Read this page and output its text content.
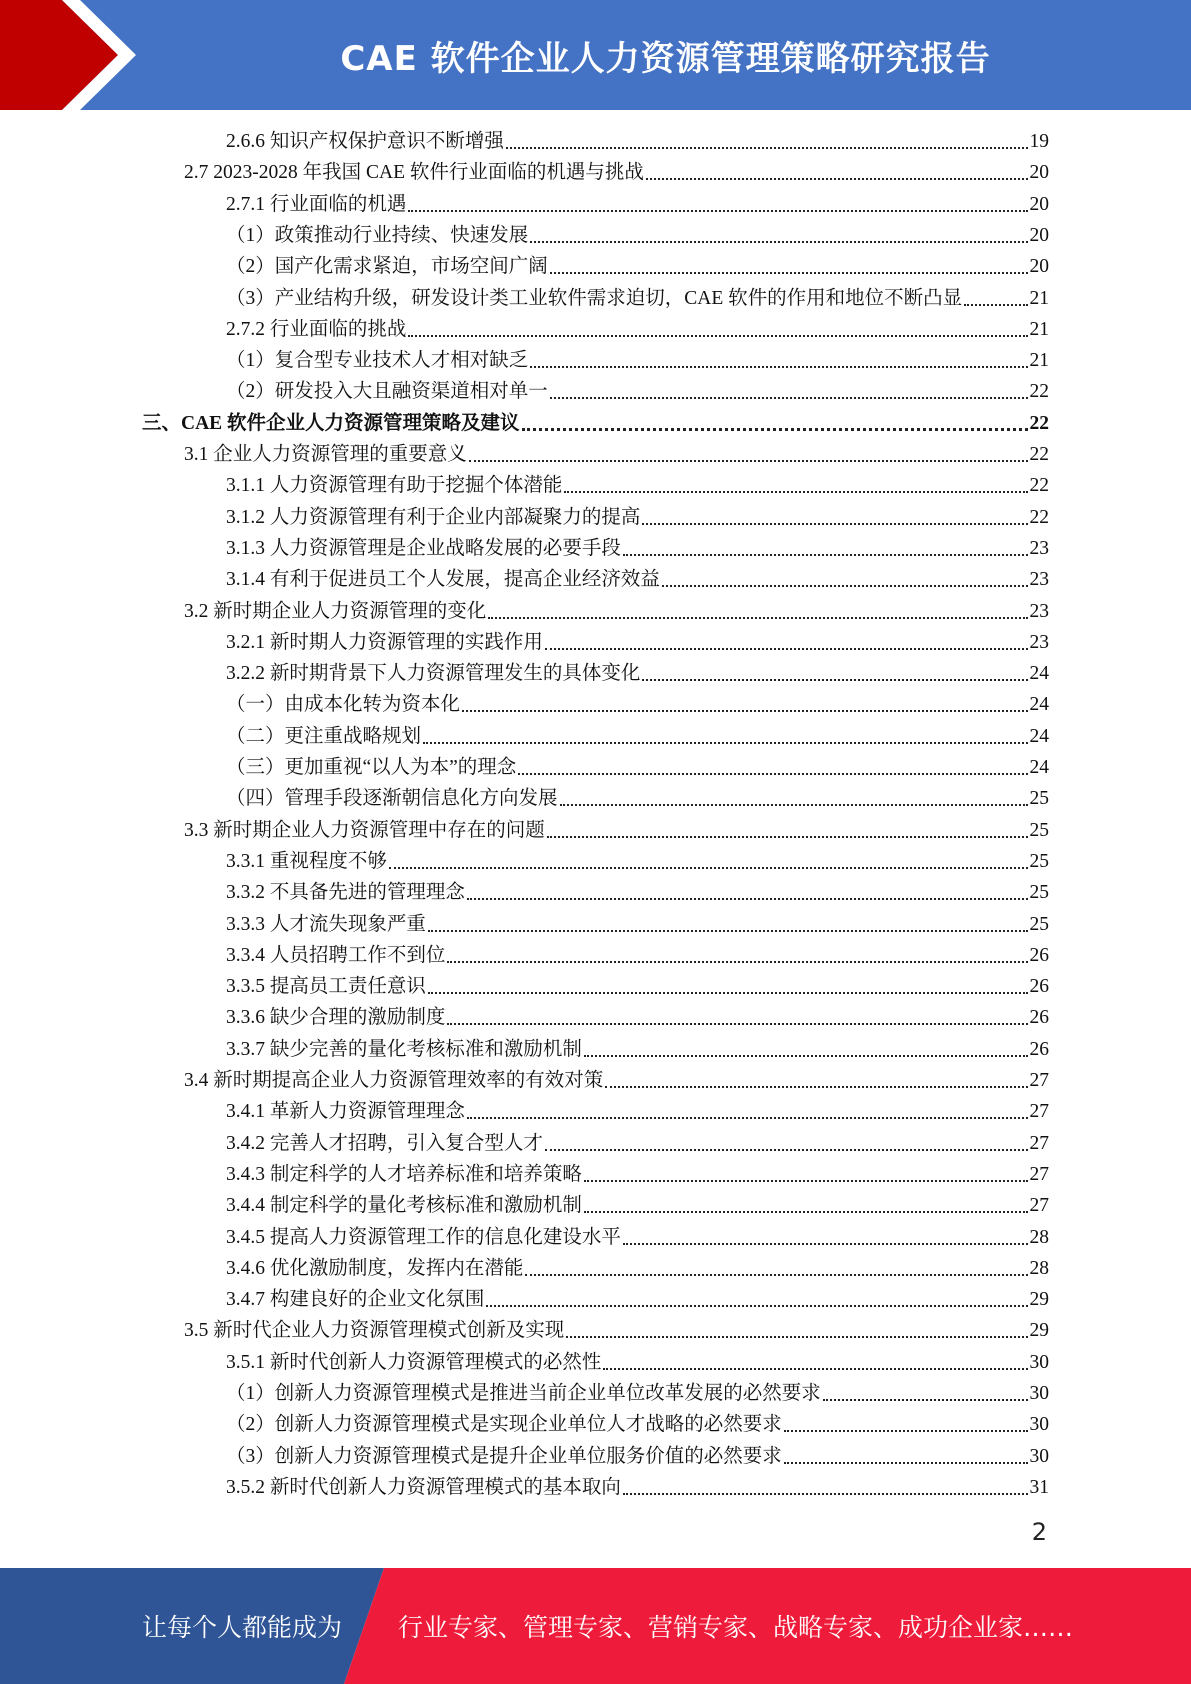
CAE 软件企业人力资源管理策略研究报告
2.6.6 知识产权保护意识不断增强	19
2.7 2023-2028 年我国 CAE 软件行业面临的机遇与挑战	20
2.7.1 行业面临的机遇	20
（1）政策推动行业持续、快速发展	20
（2）国产化需求紧迫，市场空间广阔	20
（3）产业结构升级，研发设计类工业软件需求迫切，CAE 软件的作用和地位不断凸显	21
2.7.2 行业面临的挑战	21
（1）复合型专业技术人才相对缺乏	21
（2）研发投入大且融资渠道相对单一	22
三、CAE 软件企业人力资源管理策略及建议	22
3.1 企业人力资源管理的重要意义	22
3.1.1 人力资源管理有助于挖掘个体潜能	22
3.1.2 人力资源管理有利于企业内部凝聚力的提高	22
3.1.3 人力资源管理是企业战略发展的必要手段	23
3.1.4 有利于促进员工个人发展，提高企业经济效益	23
3.2 新时期企业人力资源管理的变化	23
3.2.1 新时期人力资源管理的实践作用	23
3.2.2 新时期背景下人力资源管理发生的具体变化	24
（一）由成本化转为资本化	24
（二）更注重战略规划	24
（三）更加重视“以人为本”的理念	24
（四）管理手段逐渐朝信息化方向发展	25
3.3 新时期企业人力资源管理中存在的问题	25
3.3.1 重视程度不够	25
3.3.2 不具备先进的管理理念	25
3.3.3 人才流失现象严重	25
3.3.4 人员招聘工作不到位	26
3.3.5 提高员工责任意识	26
3.3.6 缺少合理的激励制度	26
3.3.7 缺少完善的量化考核标准和激励机制	26
3.4 新时期提高企业人力资源管理效率的有效对策	27
3.4.1 革新人力资源管理理念	27
3.4.2 完善人才招聘，引入复合型人才	27
3.4.3 制定科学的人才培养标准和培养策略	27
3.4.4 制定科学的量化考核标准和激励机制	27
3.4.5 提高人力资源管理工作的信息化建设水平	28
3.4.6 优化激励制度，发挥内在潜能	28
3.4.7 构建良好的企业文化氛围	29
3.5 新时代企业人力资源管理模式创新及实现	29
3.5.1 新时代创新人力资源管理模式的必然性	30
（1）创新人力资源管理模式是推进当前企业单位改革发展的必然要求	30
（2）创新人力资源管理模式是实现企业单位人才战略的必然要求	30
（3）创新人力资源管理模式是提升企业单位服务价值的必然要求	30
3.5.2 新时代创新人力资源管理模式的基本取向	31
2
让每个人都能成为 行业专家、管理专家、营销专家、战略专家、成功企业家……
